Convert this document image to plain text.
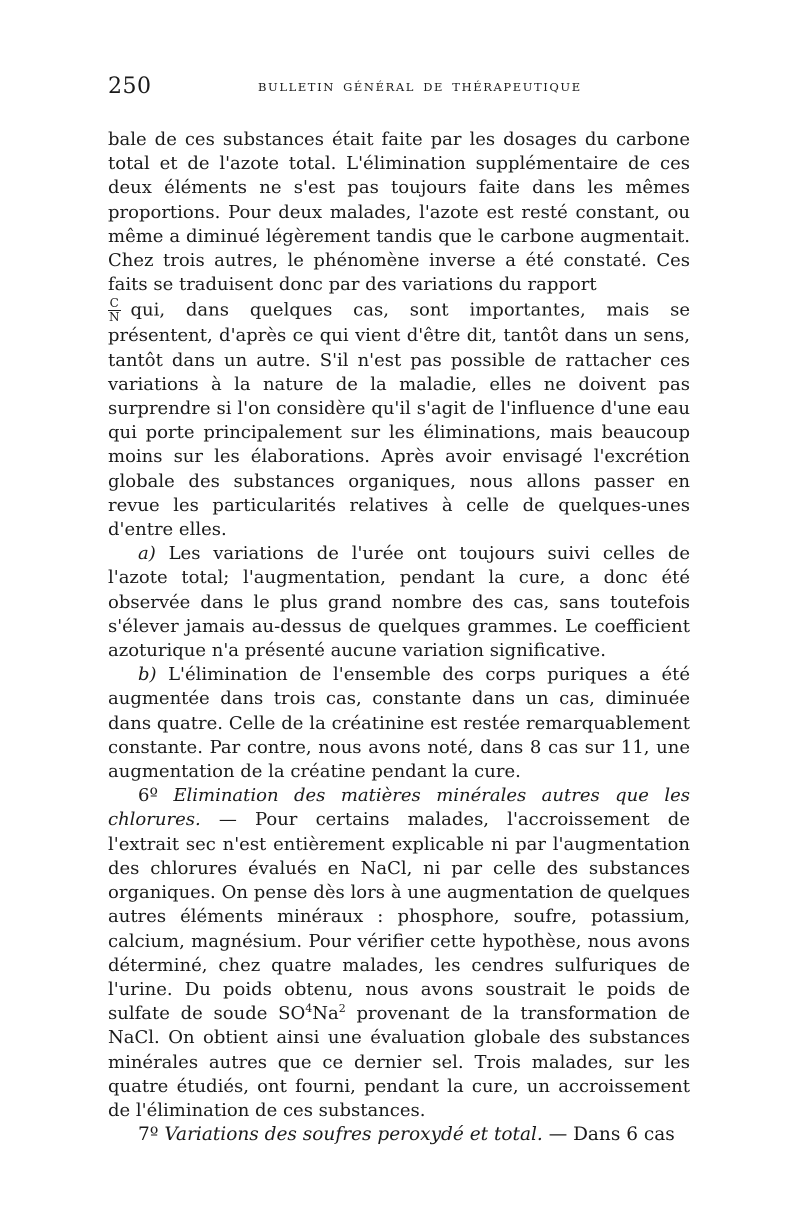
250	BULLETIN GÉNÉRAL DE THÉRAPEUTIQUE

bale de ces substances était faite par les dosages du carbone total et de l'azote total. L'élimination supplémentaire de ces deux éléments ne s'est pas toujours faite dans les mêmes proportions. Pour deux malades, l'azote est resté constant, ou même a diminué légèrement tandis que le carbone augmentait. Chez trois autres, le phénomène inverse a été constaté. Ces faits se traduisent donc par des variations du rapport

$\frac{C}{N}$ qui, dans quelques cas, sont importantes, mais se présentent, d'après ce qui vient d'être dit, tantôt dans un sens, tantôt dans un autre. S'il n'est pas possible de rattacher ces variations à la nature de la maladie, elles ne doivent pas surprendre si l'on considère qu'il s'agit de l'influence d'une eau qui porte principalement sur les éliminations, mais beaucoup moins sur les élaborations. Après avoir envisagé l'excrétion globale des substances organiques, nous allons passer en revue les particularités relatives à celle de quelques-unes d'entre elles.

a) Les variations de l'urée ont toujours suivi celles de l'azote total; l'augmentation, pendant la cure, a donc été observée dans le plus grand nombre des cas, sans toutefois s'élever jamais au-dessus de quelques grammes. Le coefficient azoturique n'a présenté aucune variation significative.

b) L'élimination de l'ensemble des corps puriques a été augmentée dans trois cas, constante dans un cas, diminuée dans quatre. Celle de la créatinine est restée remarquablement constante. Par contre, nous avons noté, dans 8 cas sur 11, une augmentation de la créatine pendant la cure.

6º Elimination des matières minérales autres que les chlorures. — Pour certains malades, l'accroissement de l'extrait sec n'est entièrement explicable ni par l'augmentation des chlorures évalués en NaCl, ni par celle des substances organiques. On pense dès lors à une augmentation de quelques autres éléments minéraux : phosphore, soufre, potassium, calcium, magnésium. Pour vérifier cette hypothèse, nous avons déterminé, chez quatre malades, les cendres sulfuriques de l'urine. Du poids obtenu, nous avons soustrait le poids de sulfate de soude $SO^4Na^2$ provenant de la transformation de NaCl. On obtient ainsi une évaluation globale des substances minérales autres que ce dernier sel. Trois malades, sur les quatre étudiés, ont fourni, pendant la cure, un accroissement de l'élimination de ces substances.

7º Variations des soufres peroxydé et total. — Dans 6 cas
